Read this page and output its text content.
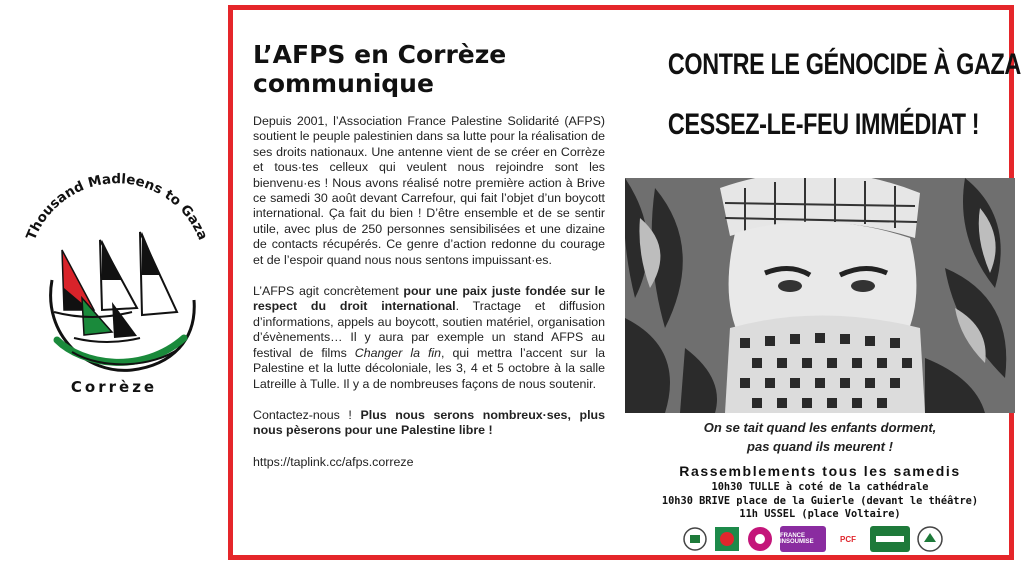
Thousand Madleens to Gaza
Corrèze
L’AFPS en Corrèze
communique

Depuis 2001, l’Association France Palestine Solidarité (AFPS) soutient le peuple palestinien dans sa lutte pour la réalisation de ses droits nationaux. Une antenne vient de se créer en Corrèze et tous·tes celleux qui veulent nous rejoindre sont les bienvenu·es ! Nous avons réalisé notre première action à Brive ce samedi 30 août devant Carrefour, qui fait l’objet d’un boycott international. Ça fait du bien ! D’être ensemble et de se sentir utile, avec plus de 250 personnes sensibilisées et une dizaine de contacts récupérés. Ce genre d’action redonne du courage et de l’espoir quand nous nous sentons impuissant·es.

L’AFPS agit concrètement pour une paix juste fondée sur le respect du droit international. Tractage et diffusion d’informations, appels au boycott, soutien matériel, organisation d’évènements… Il y aura par exemple un stand AFPS au festival de films Changer la fin, qui mettra l’accent sur la Palestine et la lutte décoloniale, les 3, 4 et 5 octobre à la salle Latreille à Tulle. Il y a de nombreuses façons de nous soutenir.

Contactez-nous ! Plus nous serons nombreux·ses, plus nous pèserons pour une Palestine libre !

https://taplink.cc/afps.correze
CONTRE LE GÉNOCIDE À GAZA
CESSEZ-LE-FEU IMMÉDIAT !
On se tait quand les enfants dorment,
pas quand ils meurent !
Rassemblements tous les samedis
10h30 TULLE à coté de la cathédrale
10h30 BRIVE place de la Guierle (devant le théâtre)
11h USSEL (place Voltaire)
FRANCE INSOUMISE	PCF
